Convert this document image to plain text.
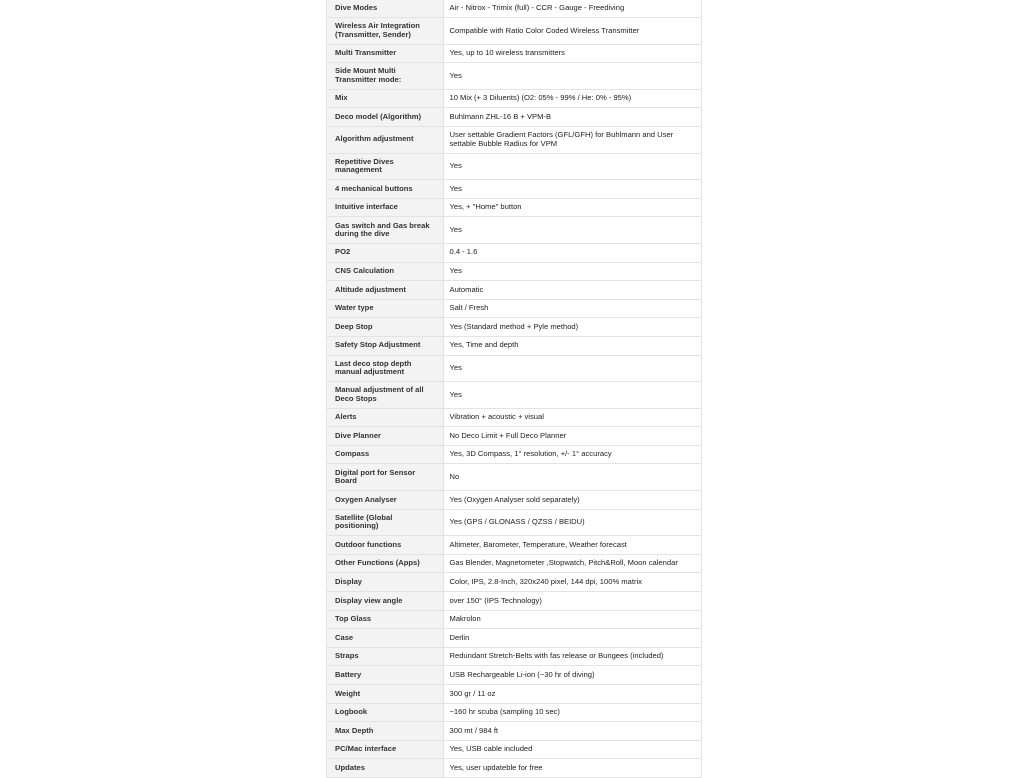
Dive Modes	Air - Nitrox - Trimix (full) - CCR - Gauge - Freediving
Wireless Air Integration (Transmitter, Sender)	Compatible with Ratio Color Coded Wireless Transmitter
Multi Transmitter	Yes, up to 10 wireless transmitters
Side Mount Multi Transmitter mode:	Yes
Mix	10 Mix (+ 3 Diluents) (O2: 05% - 99% / He: 0% - 95%)
Deco model (Algorithm)	Buhlmann ZHL-16 B + VPM-B
Algorithm adjustment	User settable Gradient Factors (GFL/GFH) for Buhlmann and User settable Bubble Radius for VPM
Repetitive Dives management	Yes
4 mechanical buttons	Yes
Intuitive interface	Yes, + "Home" button
Gas switch and Gas break during the dive	Yes
PO2	0.4 - 1.6
CNS Calculation	Yes
Altitude adjustment	Automatic
Water type	Salt / Fresh
Deep Stop	Yes (Standard method + Pyle method)
Safety Stop Adjustment	Yes, Time and depth
Last deco stop depth manual adjustment	Yes
Manual adjustment of all Deco Stops	Yes
Alerts	Vibration + acoustic + visual
Dive Planner	No Deco Limit + Full Deco Planner
Compass	Yes, 3D Compass, 1° resolution, +/- 1° accuracy
Digital port for Sensor Board	No
Oxygen Analyser	Yes (Oxygen Analyser sold separately)
Satellite (Global positioning)	Yes (GPS / GLONASS / QZSS / BEIDU)
Outdoor functions	Altimeter, Barometer, Temperature, Weather forecast
Other Functions (Apps)	Gas Blender, Magnetometer ,Stopwatch, Pitch&Roll, Moon calendar
Display	Color, IPS, 2.8-Inch, 320x240 pixel, 144 dpi, 100% matrix
Display view angle	over 150° (IPS Technology)
Top Glass	Makrolon
Case	Derlin
Straps	Redundant Stretch-Belts with fas release or Bungees (included)
Battery	USB Rechargeable Li-ion (~30 hr of diving)
Weight	300 gr / 11 oz
Logbook	~160 hr scuba (sampling 10 sec)
Max Depth	300 mt / 984 ft
PC/Mac interface	Yes, USB cable included
Updates	Yes, user updateble for free
